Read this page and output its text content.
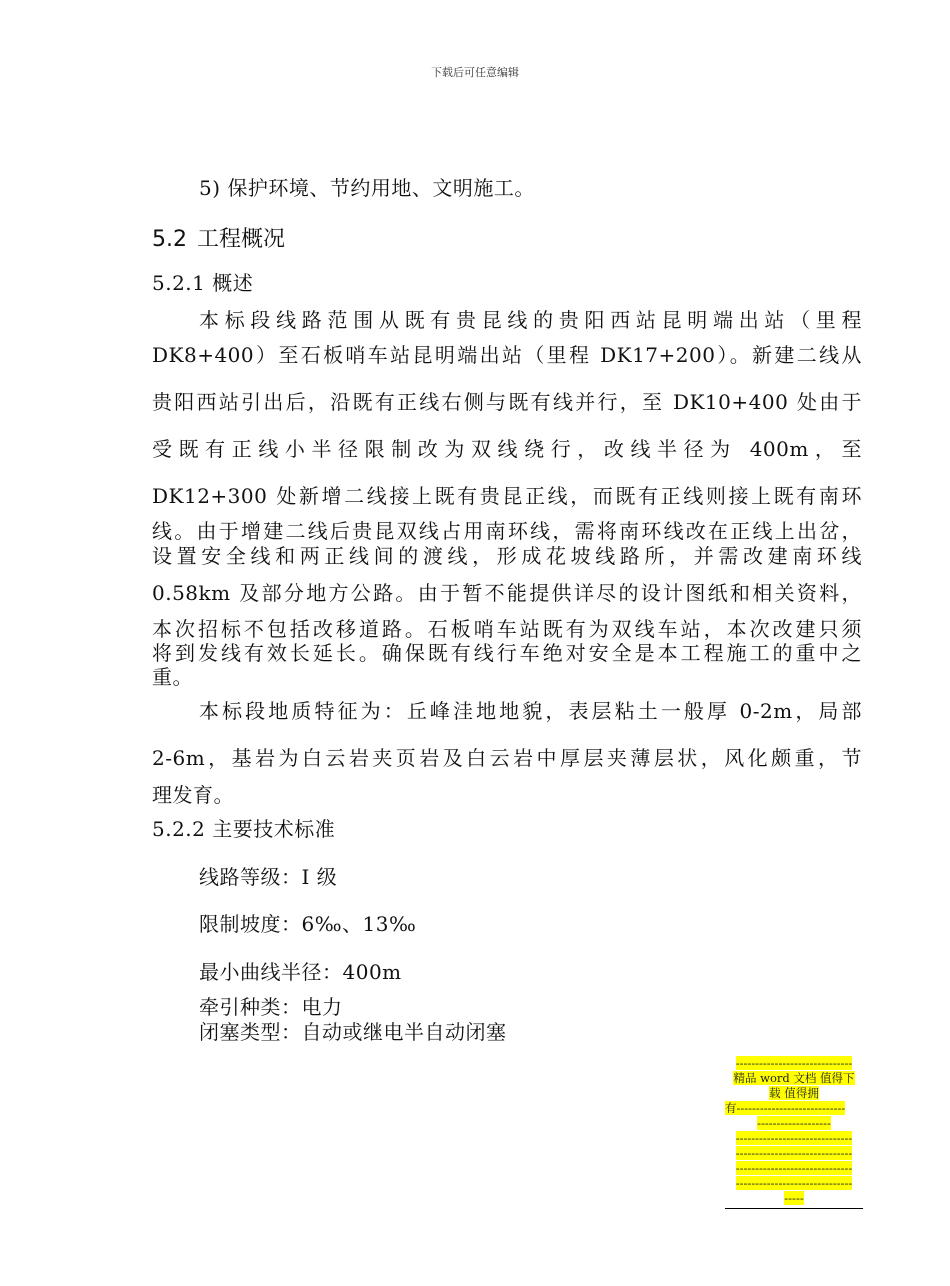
下载后可任意编辑
5) 保护环境、节约用地、文明施工。
5.2 工程概况
5.2.1 概述
本标段线路范围从既有贵昆线的贵阳西站昆明端出站（里程
DK8+400）至石板哨车站昆明端出站（里程 DK17+200）。新建二线从
贵阳西站引出后，沿既有正线右侧与既有线并行，至 DK10+400 处由于
受既有正线小半径限制改为双线绕行，改线半径为 400m，至
DK12+300 处新增二线接上既有贵昆正线，而既有正线则接上既有南环
线。由于增建二线后贵昆双线占用南环线，需将南环线改在正线上出岔，
设置安全线和两正线间的渡线，形成花坡线路所，并需改建南环线
0.58km 及部分地方公路。由于暂不能提供详尽的设计图纸和相关资料，
本次招标不包括改移道路。石板哨车站既有为双线车站，本次改建只须
将到发线有效长延长。确保既有线行车绝对安全是本工程施工的重中之
重。
本标段地质特征为：丘峰洼地地貌，表层粘土一般厚 0-2m，局部
2-6m，基岩为白云岩夹页岩及白云岩中厚层夹薄层状，风化颇重，节
理发育。
5.2.2 主要技术标准
线路等级：I 级
限制坡度：6‰、13‰
最小曲线半径：400m
牵引种类：电力
闭塞类型：自动或继电半自动闭塞
------------------------------
精品 word 文档 值得下
载 值得拥
有----------------------------
-------------------
------------------------------
------------------------------
------------------------------
------------------------------
-----
